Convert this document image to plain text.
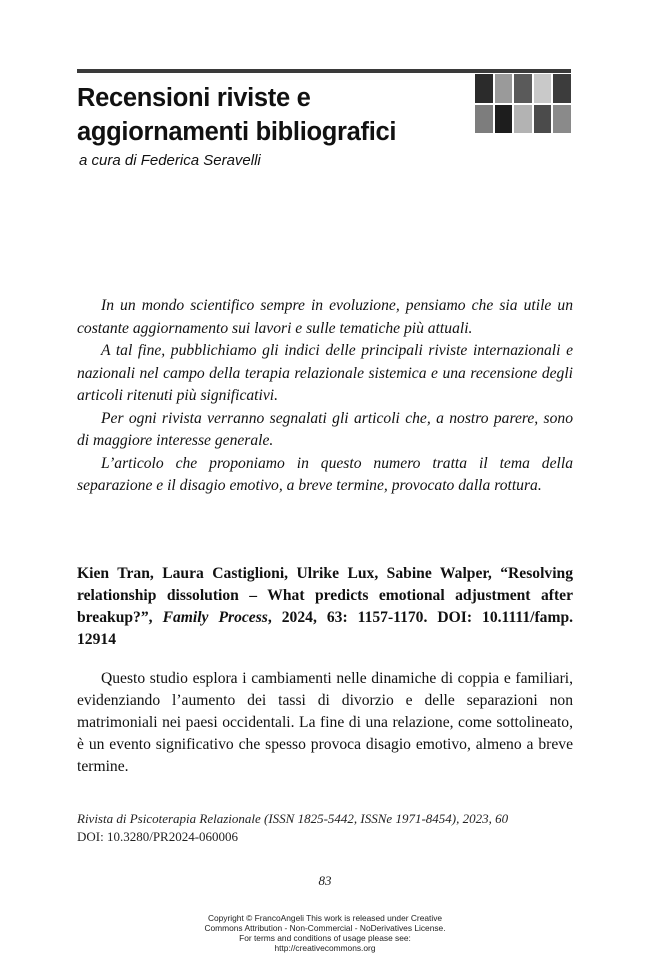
Recensioni riviste e
aggiornamenti bibliografici
a cura di Federica Seravelli

In un mondo scientifico sempre in evoluzione, pensiamo che sia utile un costante aggiornamento sui lavori e sulle tematiche più attuali.

A tal fine, pubblichiamo gli indici delle principali riviste internazionali e nazionali nel campo della terapia relazionale sistemica e una recensione degli articoli ritenuti più significativi.

Per ogni rivista verranno segnalati gli articoli che, a nostro parere, sono di maggiore interesse generale.

L’articolo che proponiamo in questo numero tratta il tema della separazione e il disagio emotivo, a breve termine, provocato dalla rottura.

Kien Tran, Laura Castiglioni, Ulrike Lux, Sabine Walper, “Resolving relationship dissolution – What predicts emotional adjustment after breakup?”, Family Process, 2024, 63: 1157-1170. DOI: 10.1111/famp. 12914

Questo studio esplora i cambiamenti nelle dinamiche di coppia e familiari, evidenziando l’aumento dei tassi di divorzio e delle separazioni non matrimoniali nei paesi occidentali. La fine di una relazione, come sottolineato, è un evento significativo che spesso provoca disagio emotivo, almeno a breve termine.

Rivista di Psicoterapia Relazionale (ISSN 1825-5442, ISSNe 1971-8454), 2023, 60
DOI: 10.3280/PR2024-060006
83
Copyright © FrancoAngeli This work is released under Creative
Commons Attribution - Non-Commercial - NoDerivatives License.
For terms and conditions of usage please see:
http://creativecommons.org
